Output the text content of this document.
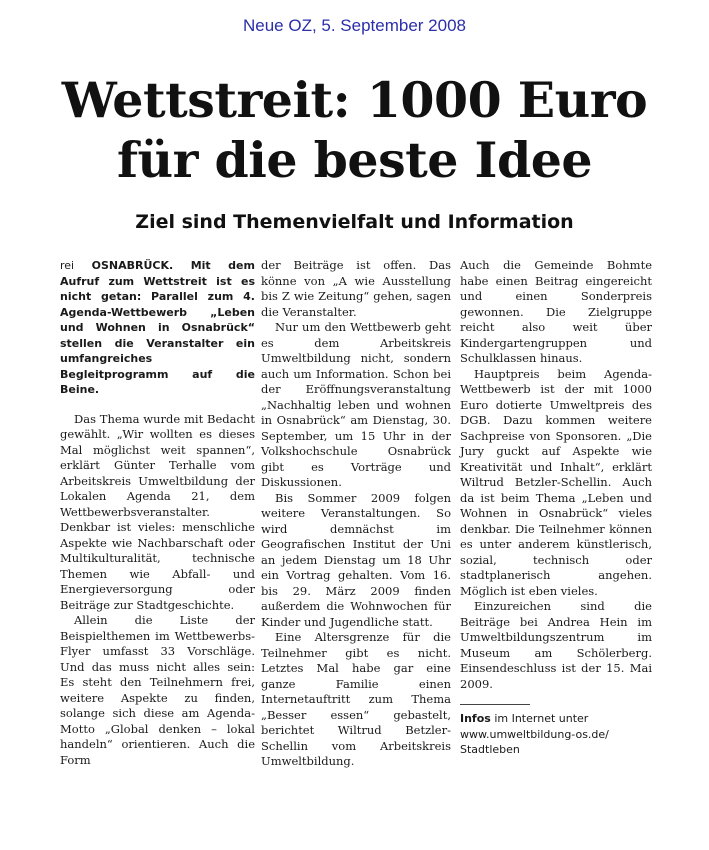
Neue OZ, 5. September 2008
Wettstreit: 1000 Euro
für die beste Idee
Ziel sind Themenvielfalt und Information

rei OSNABRÜCK. Mit dem Aufruf zum Wettstreit ist es nicht getan: Parallel zum 4. Agenda-Wettbewerb „Leben und Wohnen in Osnabrück“ stellen die Veranstalter ein umfangreiches Begleitprogramm auf die Beine.

Das Thema wurde mit Bedacht gewählt. „Wir wollten es dieses Mal möglichst weit spannen“, erklärt Günter Terhalle vom Arbeitskreis Umweltbildung der Lokalen Agenda 21, dem Wettbewerbsveranstalter. Denkbar ist vieles: menschliche Aspekte wie Nachbarschaft oder Multikulturalität, technische Themen wie Abfall- und Energieversorgung oder Beiträge zur Stadtgeschichte.

Allein die Liste der Beispielthemen im Wettbewerbs-Flyer umfasst 33 Vorschläge. Und das muss nicht alles sein: Es steht den Teilnehmern frei, weitere Aspekte zu finden, solange sich diese am Agenda-Motto „Global denken – lokal handeln“ orientieren. Auch die Form

der Beiträge ist offen. Das könne von „A wie Ausstellung bis Z wie Zeitung“ gehen, sagen die Veranstalter.

Nur um den Wettbewerb geht es dem Arbeitskreis Umweltbildung nicht, sondern auch um Information. Schon bei der Eröffnungsveranstaltung „Nachhaltig leben und wohnen in Osnabrück“ am Dienstag, 30. September, um 15 Uhr in der Volkshochschule Osnabrück gibt es Vorträge und Diskussionen.

Bis Sommer 2009 folgen weitere Veranstaltungen. So wird demnächst im Geografischen Institut der Uni an jedem Dienstag um 18 Uhr ein Vortrag gehalten. Vom 16. bis 29. März 2009 finden außerdem die Wohnwochen für Kinder und Jugendliche statt.

Eine Altersgrenze für die Teilnehmer gibt es nicht. Letztes Mal habe gar eine ganze Familie einen Internetauftritt zum Thema „Besser essen“ gebastelt, berichtet Wiltrud Betzler-Schellin vom Arbeitskreis Umweltbildung.

Auch die Gemeinde Bohmte habe einen Beitrag eingereicht und einen Sonderpreis gewonnen. Die Zielgruppe reicht also weit über Kindergartengruppen und Schulklassen hinaus.

Hauptpreis beim Agenda-Wettbewerb ist der mit 1000 Euro dotierte Umweltpreis des DGB. Dazu kommen weitere Sachpreise von Sponsoren. „Die Jury guckt auf Aspekte wie Kreativität und Inhalt“, erklärt Wiltrud Betzler-Schellin. Auch da ist beim Thema „Leben und Wohnen in Osnabrück“ vieles denkbar. Die Teilnehmer können es unter anderem künstlerisch, sozial, technisch oder stadtplanerisch angehen. Möglich ist eben vieles.

Einzureichen sind die Beiträge bei Andrea Hein im Umweltbildungszentrum im Museum am Schölerberg. Einsendeschluss ist der 15. Mai 2009.

Infos im Internet unter
www.umweltbildung-os.de/
Stadtleben
